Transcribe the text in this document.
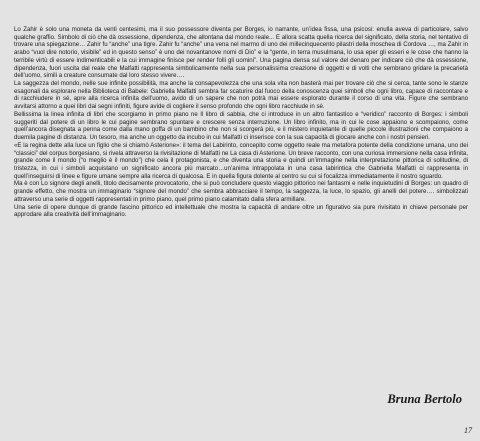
Lo Zahir è solo una moneta da venti centesimi, ma il suo possessore diventa per Borges, io narrante, un’idea fissa, una psicosi: enulla aveva di particolare, salvo qualche graffio. Simbolo di ciò che dà ossessione, dipendenza, che allontana dal mondo reale... E allora scatta quella ricerca del significato, della storia, nel tentativo di trovare una spiegazione… Zahir fu “anche” una tigre. Zahir fu “anche” una vena nel marmo di uno dei millecinquecento pilastri della moschea di Cordova …, ma Zahir in arabo “vuol dire notorio, visibile” ed in questo senso” è uno dei novantanove nomi di Dio” e la “gente, in terra musulmana, lo usa eper gli esseri e le cose che hanno la terribile virtù di essere indimenticabili e la cui immagine finisce per render folli gli uomini”. Una pagina densa sul valore del denaro per indicare ciò che dà ossessione, dipendenza, fuori uscita dal reale che Malfatti rappresenta simbolicamente nella sua personalissima creazione di oggetti e di volti che sembrano gridare la precarietà dell’uomo, simili a creature consumate dal loro stesso vivere….

La saggezza del mondo, nelle sue infinite possibilità, ma anche la consapevolezza che una sola vita non basterà mai per trovare ciò che si cerca, tante sono le stanze esagonali da esplorare nella Biblioteca di Babele: Gabriella Malfatti sembra far scaturire dal fuoco della conoscenza quei simboli che ogni libro, capace di raccontare e di racchiudere in sé, apre alla ricerca infinita dell’uomo, avido di un sapere che non potrà mai essere esplorato durante il corso di una vita. Figure che sembrano avvitarsi attorno a quei libri dai segni infiniti, figure avide di cogliere il senso profondo che ogni libro racchiude in sé.

Bellissima la linea infinita di libri che scorgiamo in primo piano ne Il libro di sabbia, che ci introduce in un altro fantastico e “veridico” racconto di Borges: i simboli suggeriti dal potere di un libro le cui pagine sembrano spuntare e crescere senza interruzione. Un libro infinito, ma in cui le cose appaiono e scompaiono, come quell’ancora disegnata a penna come dalla mano goffa di un bambino che non si scorgerà più, e il mistero inquietante di quelle piccole illustrazioni che compaiono a duemila pagine di distanza. Un tesoro, ma anche un oggetto da incubo in cui Malfatti ci inserisce con la sua capacità di giocare anche con i nostri pensieri.

«E la regina dette alla luce un figlio che si chiamò Asterione»: il tema del Labirinto, concepito come oggetto reale ma metafora potente della condizione umana, uno dei “classici” del corpus borgesiano, si rivela attraverso la rivisitazione di Malfatti ne La casa di Asterione. Un breve racconto, con una curiosa immersione nella casa infinita, grande come il mondo (“o meglio è il mondo”) che cela il protagonista, e che diventa una storia e quindi un’immagine nella interpretazione pittorica di solitudine, di tristezza, in cui i simboli acquistano un significato ancora più marcato…un’anima intrappolata in una casa labirintica che Gabriella Malfatti ci rappresenta in quell’inseguirsi di linee e figure umane sempre alla ricerca di qualcosa. E in quella figura dolente al centro su cui si focalizza immediatamente il nostro sguardo.

Ma è con Lo signore degli anelli, titolo decisamente provocatorio, che si può concludere questo viaggio pittorico nei fantasmi e nelle inquietudini di Borges: un quadro di grande effetto, che mostra un immaginario “signore del mondo” che sembra abbracciare il tempo, la saggezza, la luce, lo spazio, gli anelli del potere…. simbolizzati attraverso una serie di oggetti rappresentati in primo piano, quel primo piano calamitato dalla sfera armillare.

Una serie di opere dunque di grande fascino pittorico ed intellettuale che mostra la capacità di andare oltre un figurativo sia pure rivisitato in chiave personale per approdare alla creatività dell’immaginario.

Bruna Bertolo
17
